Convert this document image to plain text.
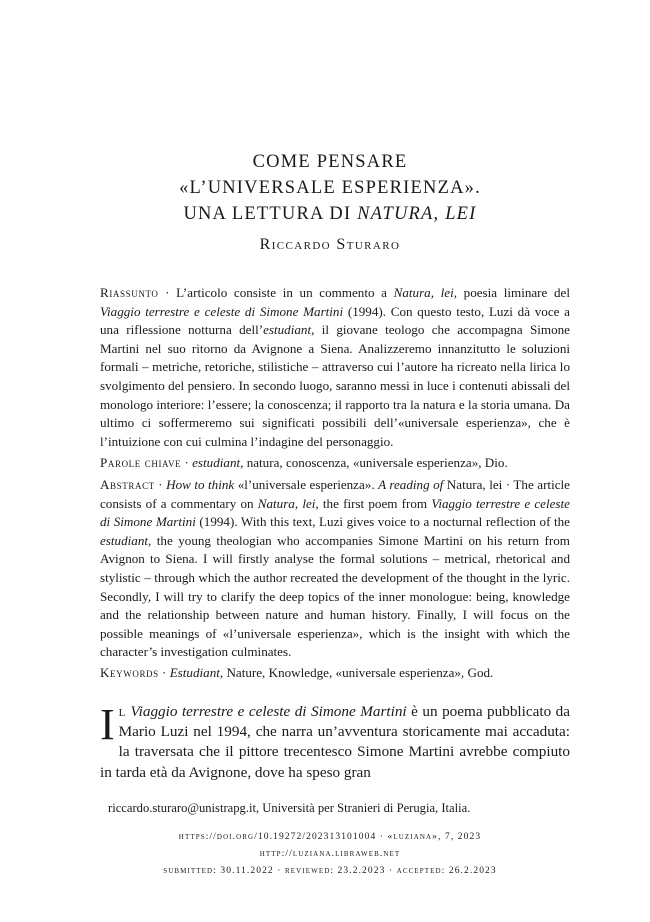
COME PENSARE
«L’UNIVERSALE ESPERIENZA».
UNA LETTURA DI NATURA, LEI
Riccardo Sturaro
Riassunto · L’articolo consiste in un commento a Natura, lei, poesia liminare del Viaggio terrestre e celeste di Simone Martini (1994). Con questo testo, Luzi dà voce a una riflessione notturna dell’estudiant, il giovane teologo che accompagna Simone Martini nel suo ritorno da Avignone a Siena. Analizzeremo innanzitutto le soluzioni formali – metriche, retoriche, stilistiche – attraverso cui l’autore ha ricreato nella lirica lo svolgimento del pensiero. In secondo luogo, saranno messi in luce i contenuti abissali del monologo interiore: l’essere; la conoscenza; il rapporto tra la natura e la storia umana. Da ultimo ci soffermeremo sui significati possibili dell’«universale esperienza», che è l’intuizione con cui culmina l’indagine del personaggio.
Parole chiave · estudiant, natura, conoscenza, «universale esperienza», Dio.
Abstract · How to think «l’universale esperienza». A reading of Natura, lei · The article consists of a commentary on Natura, lei, the first poem from Viaggio terrestre e celeste di Simone Martini (1994). With this text, Luzi gives voice to a nocturnal reflection of the estudiant, the young theologian who accompanies Simone Martini on his return from Avignon to Siena. I will firstly analyse the formal solutions – metrical, rhetorical and stylistic – through which the author recreated the development of the thought in the lyric. Secondly, I will try to clarify the deep topics of the inner monologue: being, knowledge and the relationship between nature and human history. Finally, I will focus on the possible meanings of «l’universale esperienza», which is the insight with which the character’s investigation culminates.
Keywords · Estudiant, Nature, Knowledge, «universale esperienza», God.
Il Viaggio terrestre e celeste di Simone Martini è un poema pubblicato da Mario Luzi nel 1994, che narra un’avventura storicamente mai accaduta: la traversata che il pittore trecentesco Simone Martini avrebbe compiuto in tarda età da Avignone, dove ha speso gran
riccardo.sturaro@unistrapg.it, Università per Stranieri di Perugia, Italia.
https://doi.org/10.19272/202313101004 · «luziana», 7, 2023
http://luziana.libraweb.net
submitted: 30.11.2022 · reviewed: 23.2.2023 · accepted: 26.2.2023
